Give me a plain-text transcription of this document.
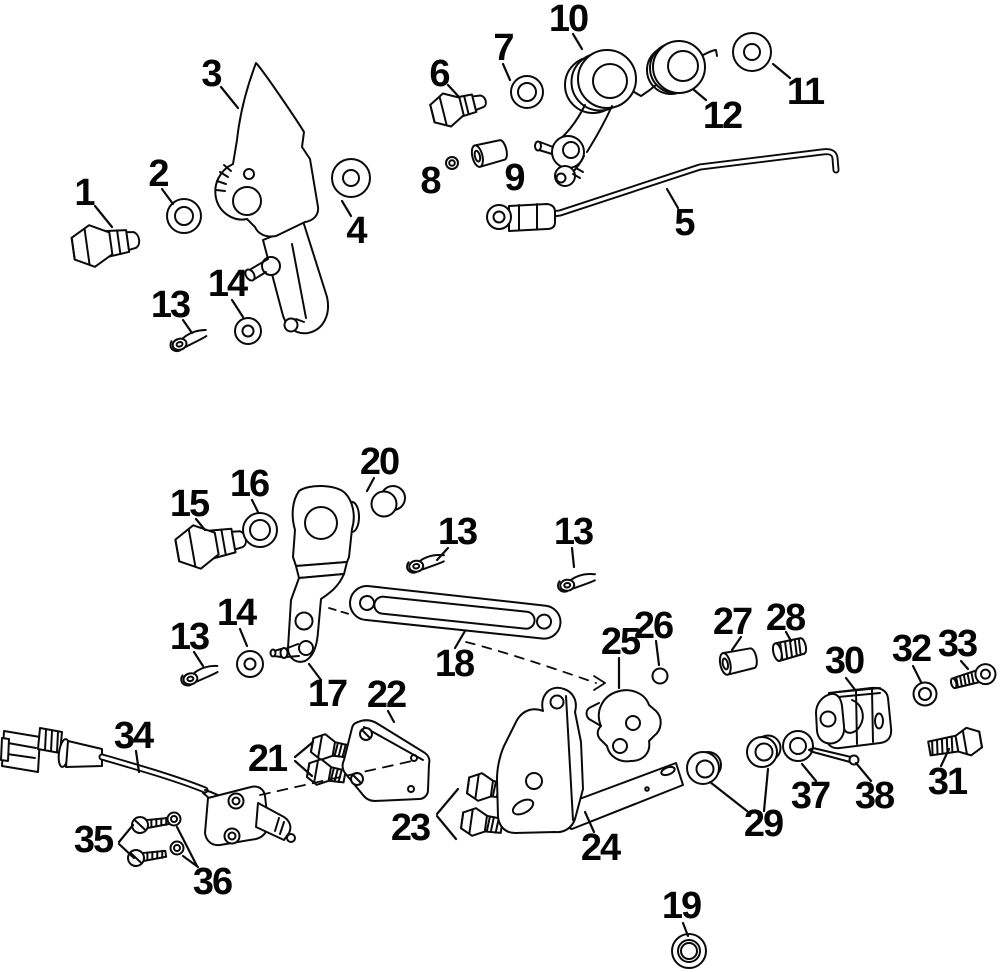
1 2
3
4	5
6
7
8 9
10
11
12
13 14
15 16
20
13 13
13
14
17
18
22
21
23	24
25
26 27 28
29
30
31
32 33
34
35
36
37 38
19
